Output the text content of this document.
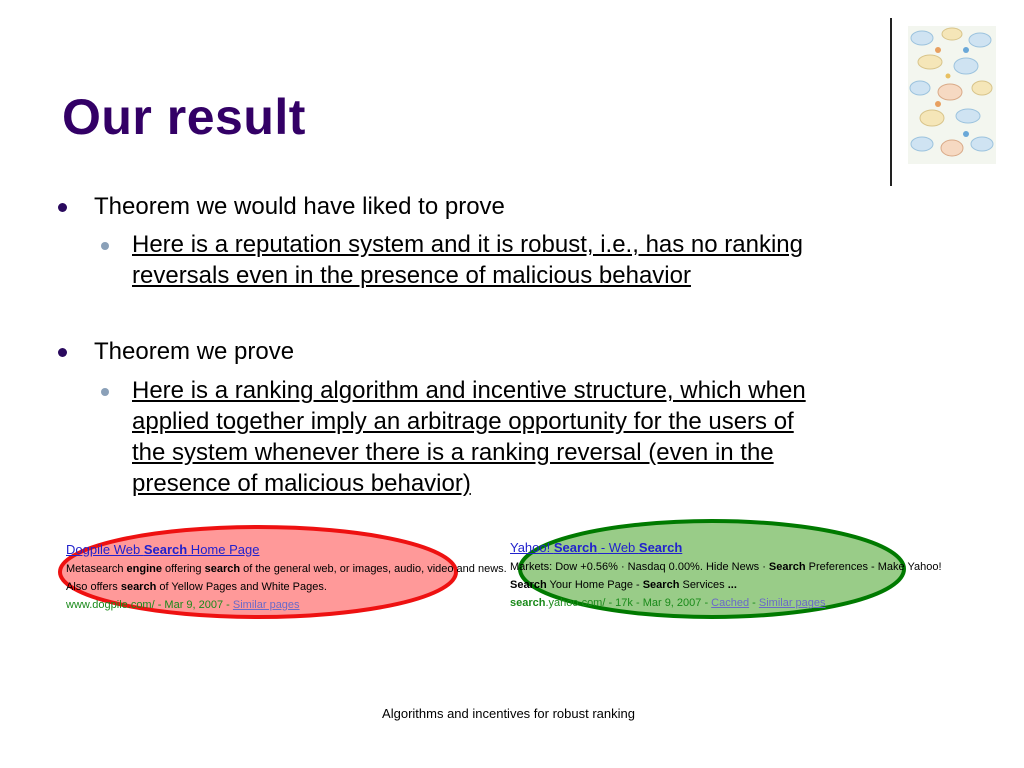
Our result
Theorem we would have liked to prove
Here is a reputation system and it is robust, i.e., has no ranking
reversals even in the presence of malicious behavior
Theorem we prove
Here is a ranking algorithm and incentive structure, which when
applied together imply an arbitrage opportunity for the users of
the system whenever there is a ranking reversal (even in the
presence of malicious behavior)
Dogpile Web Search Home Page
Metasearch engine offering search of the general web, or images, audio, video and news.
Also offers search of Yellow Pages and White Pages.
www.dogpile.com/ - Mar 9, 2007 - Similar pages
Yahoo! Search - Web Search
Markets: Dow +0.56% · Nasdaq 0.00%. Hide News · Search Preferences - Make Yahoo!
Search Your Home Page - Search Services ...
search.yahoo.com/ - 17k - Mar 9, 2007 - Cached - Similar pages
Algorithms and incentives for robust ranking
